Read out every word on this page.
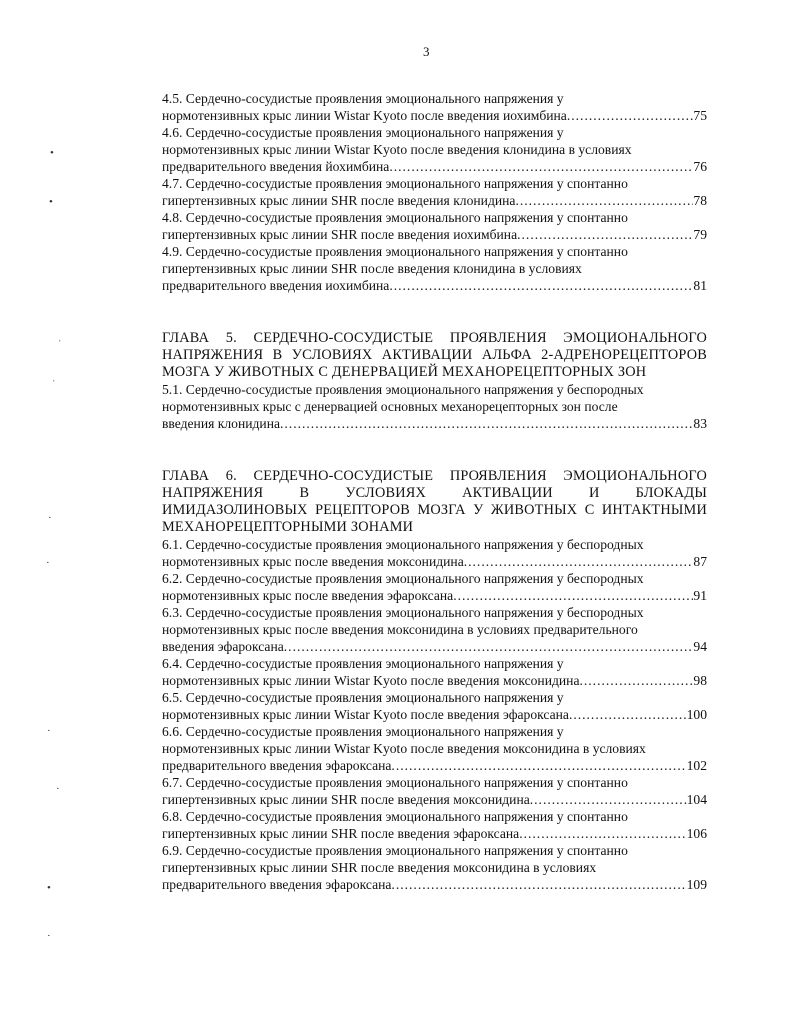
3
4.5. Сердечно-сосудистые проявления эмоционального напряжения у
нормотензивных крыс линии Wistar Kyoto после введения иохимбина .....	75
4.6. Сердечно-сосудистые проявления эмоционального напряжения у
нормотензивных крыс линии Wistar Kyoto после введения клонидина в условиях
предварительного введения йохимбина .....	76
4.7. Сердечно-сосудистые проявления эмоционального напряжения у спонтанно
гипертензивных крыс линии SHR после введения клонидина .....	78
4.8. Сердечно-сосудистые проявления эмоционального напряжения у спонтанно
гипертензивных крыс линии SHR после введения иохимбина .....	79
4.9. Сердечно-сосудистые проявления эмоционального напряжения у спонтанно
гипертензивных крыс линии SHR после введения клонидина в условиях
предварительного введения иохимбина .....	81
ГЛАВА 5. СЕРДЕЧНО-СОСУДИСТЫЕ ПРОЯВЛЕНИЯ ЭМОЦИОНАЛЬНОГО
НАПРЯЖЕНИЯ В УСЛОВИЯХ АКТИВАЦИИ АЛЬФА 2-АДРЕНОРЕЦЕПТОРОВ
МОЗГА У ЖИВОТНЫХ С ДЕНЕРВАЦИЕЙ МЕХАНОРЕЦЕПТОРНЫХ ЗОН
5.1. Сердечно-сосудистые проявления эмоционального напряжения у беспородных
нормотензивных крыс с денервацией основных механорецепторных зон после
введения клонидина .....	83
ГЛАВА 6. СЕРДЕЧНО-СОСУДИСТЫЕ ПРОЯВЛЕНИЯ ЭМОЦИОНАЛЬНОГО
НАПРЯЖЕНИЯ В УСЛОВИЯХ АКТИВАЦИИ И БЛОКАДЫ
ИМИДАЗОЛИНОВЫХ РЕЦЕПТОРОВ МОЗГА У ЖИВОТНЫХ С ИНТАКТНЫМИ
МЕХАНОРЕЦЕПТОРНЫМИ ЗОНАМИ
6.1. Сердечно-сосудистые проявления эмоционального напряжения у беспородных
нормотензивных крыс после введения моксонидина .....	87
6.2. Сердечно-сосудистые проявления эмоционального напряжения у беспородных
нормотензивных крыс после введения эфароксана .....	91
6.3. Сердечно-сосудистые проявления эмоционального напряжения у беспородных
нормотензивных крыс после введения моксонидина в условиях предварительного
введения эфароксана .....	94
6.4. Сердечно-сосудистые проявления эмоционального напряжения у
нормотензивных крыс линии Wistar Kyoto после введения моксонидина .....	98
6.5. Сердечно-сосудистые проявления эмоционального напряжения у
нормотензивных крыс линии Wistar Kyoto после введения эфароксана .....	100
6.6. Сердечно-сосудистые проявления эмоционального напряжения у
нормотензивных крыс линии Wistar Kyoto после введения моксонидина в условиях
предварительного введения эфароксана .....	102
6.7. Сердечно-сосудистые проявления эмоционального напряжения у спонтанно
гипертензивных крыс линии SHR после введения моксонидина .....	104
6.8. Сердечно-сосудистые проявления эмоционального напряжения у спонтанно
гипертензивных крыс линии SHR после введения эфароксана .....	106
6.9. Сердечно-сосудистые проявления эмоционального напряжения у спонтанно
гипертензивных крыс линии SHR после введения моксонидина в условиях
предварительного введения эфароксана .....	109
•
•
ˌ
ˌ
·
·
·
·
•
·
